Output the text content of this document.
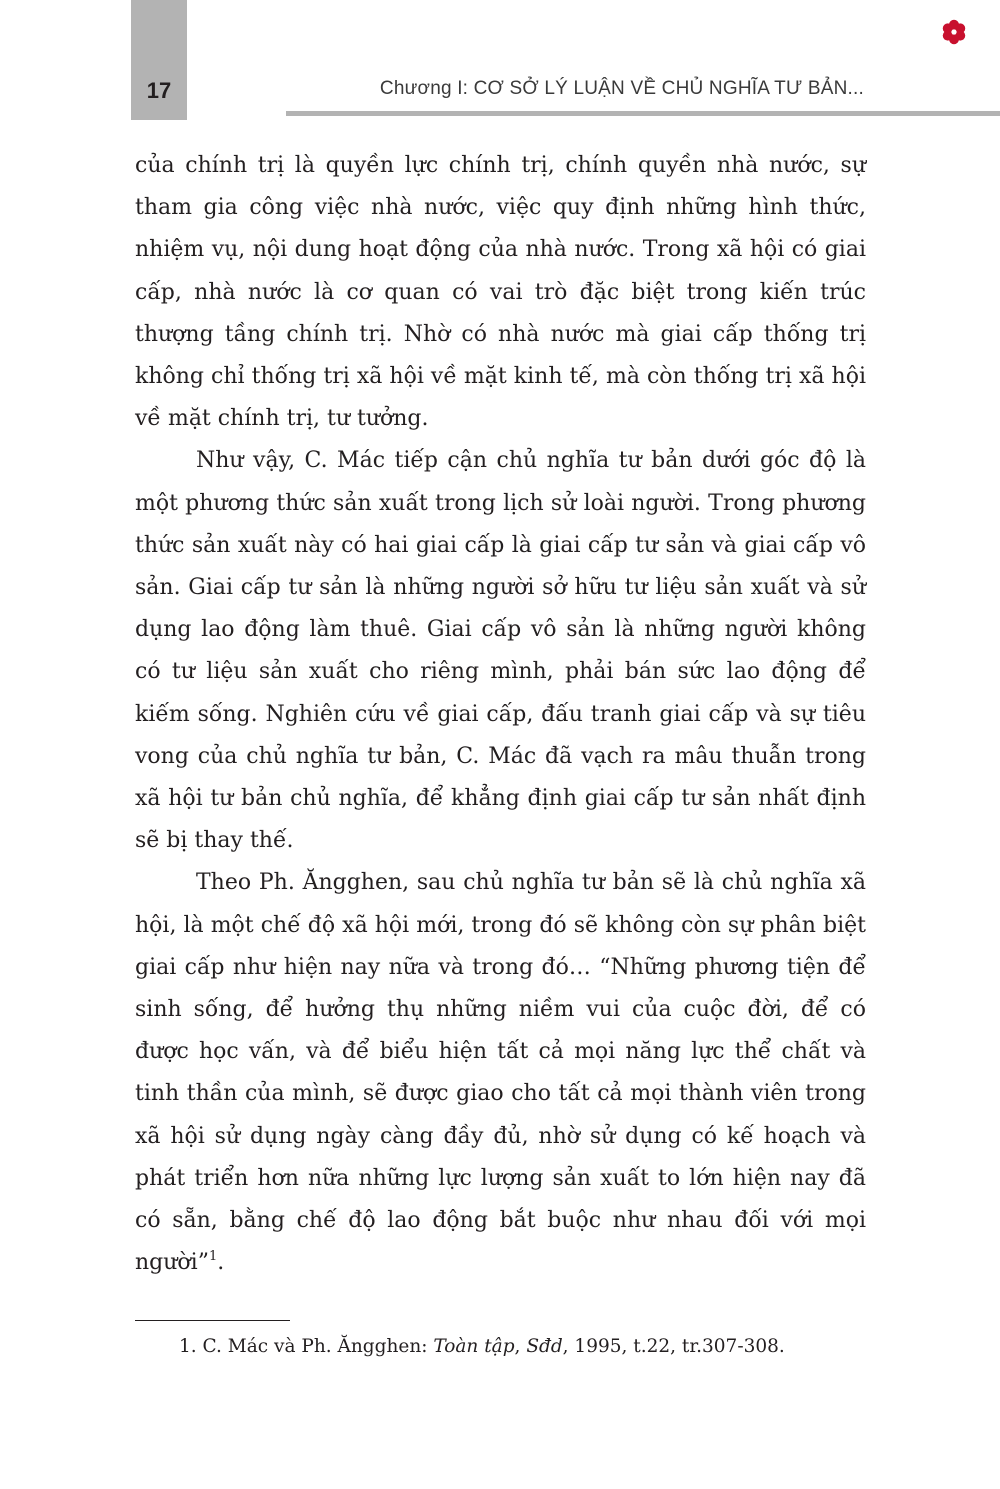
17	Chương I: CƠ SỞ LÝ LUẬN VỀ CHỦ NGHĨA TƯ BẢN...

của chính trị là quyền lực chính trị, chính quyền nhà nước, sự tham gia công việc nhà nước, việc quy định những hình thức, nhiệm vụ, nội dung hoạt động của nhà nước. Trong xã hội có giai cấp, nhà nước là cơ quan có vai trò đặc biệt trong kiến trúc thượng tầng chính trị. Nhờ có nhà nước mà giai cấp thống trị không chỉ thống trị xã hội về mặt kinh tế, mà còn thống trị xã hội về mặt chính trị, tư tưởng.

Như vậy, C. Mác tiếp cận chủ nghĩa tư bản dưới góc độ là một phương thức sản xuất trong lịch sử loài người. Trong phương thức sản xuất này có hai giai cấp là giai cấp tư sản và giai cấp vô sản. Giai cấp tư sản là những người sở hữu tư liệu sản xuất và sử dụng lao động làm thuê. Giai cấp vô sản là những người không có tư liệu sản xuất cho riêng mình, phải bán sức lao động để kiếm sống. Nghiên cứu về giai cấp, đấu tranh giai cấp và sự tiêu vong của chủ nghĩa tư bản, C. Mác đã vạch ra mâu thuẫn trong xã hội tư bản chủ nghĩa, để khẳng định giai cấp tư sản nhất định sẽ bị thay thế.

Theo Ph. Ăngghen, sau chủ nghĩa tư bản sẽ là chủ nghĩa xã hội, là một chế độ xã hội mới, trong đó sẽ không còn sự phân biệt giai cấp như hiện nay nữa và trong đó… “Những phương tiện để sinh sống, để hưởng thụ những niềm vui của cuộc đời, để có được học vấn, và để biểu hiện tất cả mọi năng lực thể chất và tinh thần của mình, sẽ được giao cho tất cả mọi thành viên trong xã hội sử dụng ngày càng đầy đủ, nhờ sử dụng có kế hoạch và phát triển hơn nữa những lực lượng sản xuất to lớn hiện nay đã có sẵn, bằng chế độ lao động bắt buộc như nhau đối với mọi người”$^1$.

1. C. Mác và Ph. Ăngghen: Toàn tập, Sđd, 1995, t.22, tr.307-308.
